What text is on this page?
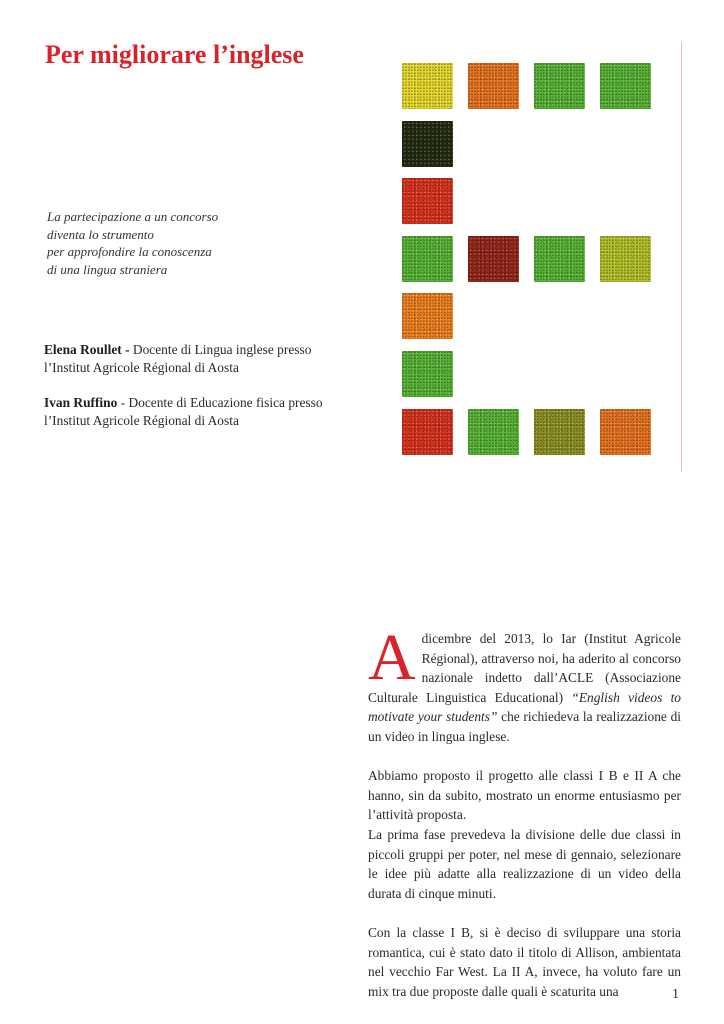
Per migliorare l’inglese
La partecipazione a un concorso
diventa lo strumento
per approfondire la conoscenza
di una lingua straniera
Elena Roullet - Docente di Lingua inglese presso
l’Institut Agricole Régional di Aosta
Ivan Ruffino - Docente di Educazione fisica presso
l’Institut Agricole Régional di Aosta

Adicembre del 2013, lo Iar (Institut Agricole Régional), attraverso noi, ha aderito al concorso nazionale indetto dall’ACLE (Associazione Culturale Linguistica Educational) “English videos to motivate your students” che richiedeva la realizzazione di un video in lingua inglese.

Abbiamo proposto il progetto alle classi I B e II A che hanno, sin da subito, mostrato un enorme entusiasmo per l’attività proposta.

La prima fase prevedeva la divisione delle due classi in piccoli gruppi per poter, nel mese di gennaio, selezionare le idee più adatte alla realizzazione di un video della durata di cinque minuti.

Con la classe I B, si è deciso di sviluppare una storia romantica, cui è stato dato il titolo di Allison, ambientata nel vecchio Far West. La II A, invece, ha voluto fare un mix tra due proposte dalle quali è scaturita una	1
